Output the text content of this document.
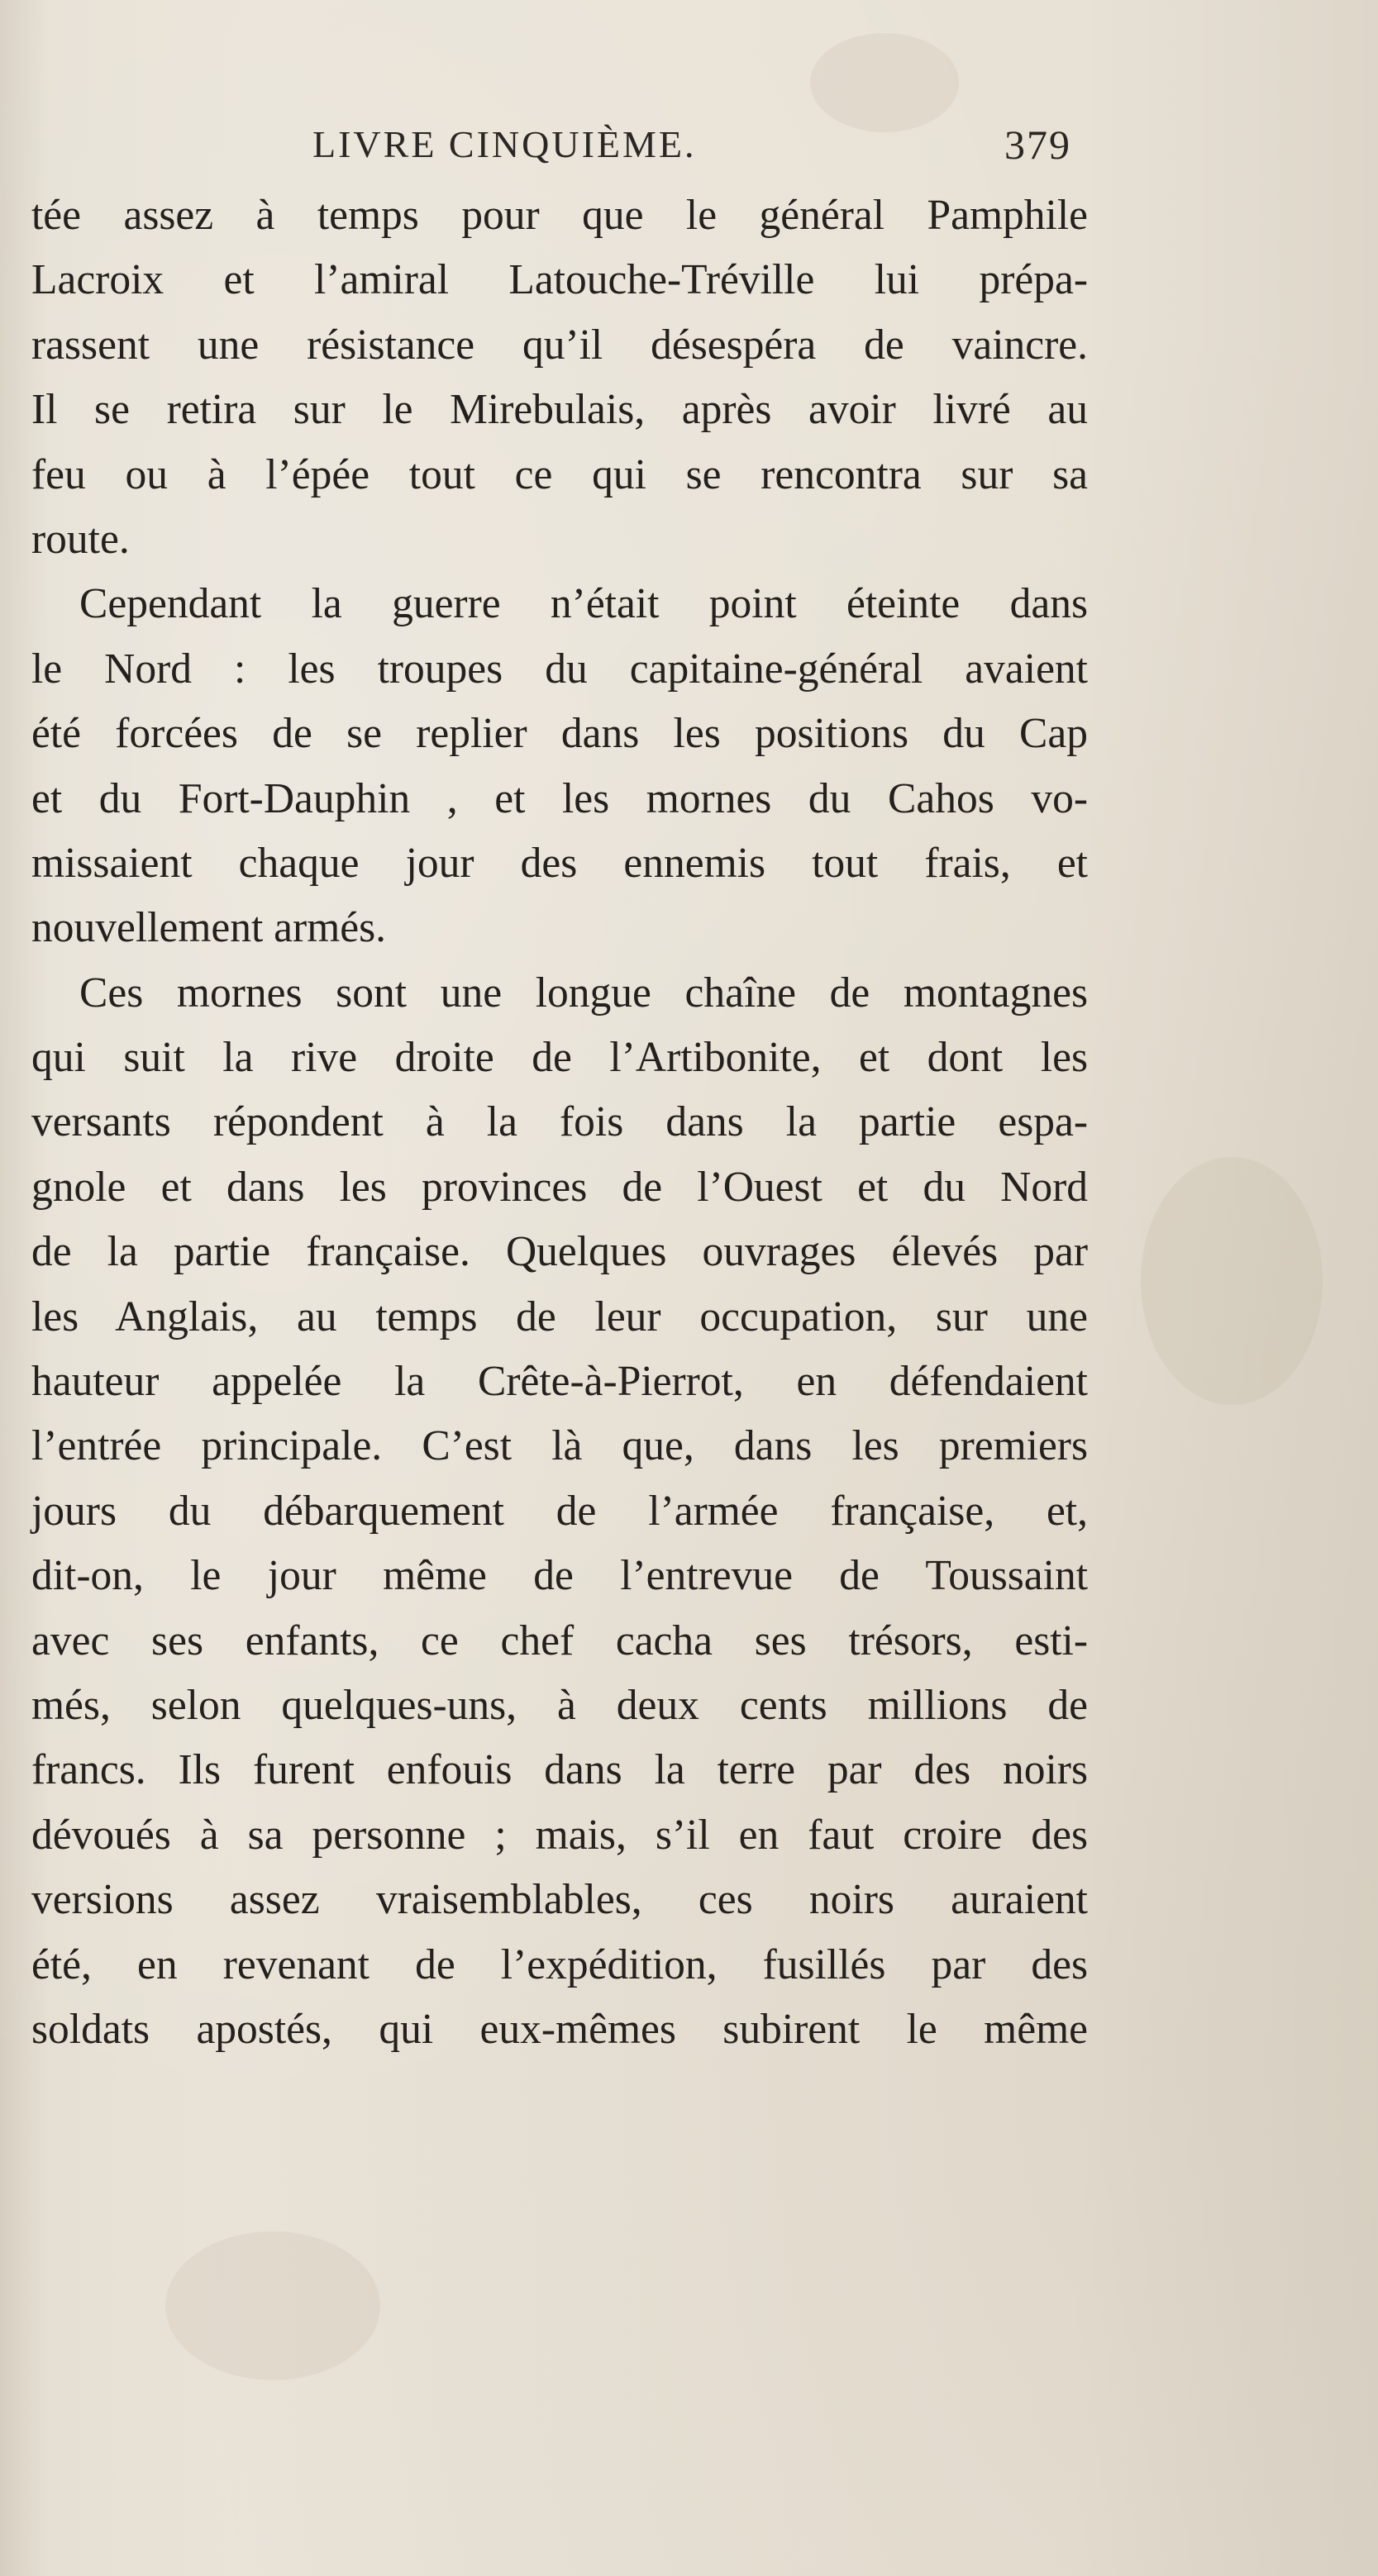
LIVRE CINQUIÈME.	379
tée assez à temps pour que le général Pamphile
Lacroix et l’amiral Latouche-Tréville lui prépa-
rassent une résistance qu’il désespéra de vaincre.
Il se retira sur le Mirebulais, après avoir livré au
feu ou à l’épée tout ce qui se rencontra sur sa
route.
Cependant la guerre n’était point éteinte dans
le Nord : les troupes du capitaine-général avaient
été forcées de se replier dans les positions du Cap
et du Fort-Dauphin , et les mornes du Cahos vo-
missaient chaque jour des ennemis tout frais, et
nouvellement armés.
Ces mornes sont une longue chaîne de montagnes
qui suit la rive droite de l’Artibonite, et dont les
versants répondent à la fois dans la partie espa-
gnole et dans les provinces de l’Ouest et du Nord
de la partie française. Quelques ouvrages élevés par
les Anglais, au temps de leur occupation, sur une
hauteur appelée la Crête-à-Pierrot, en défendaient
l’entrée principale. C’est là que, dans les premiers
jours du débarquement de l’armée française, et,
dit-on, le jour même de l’entrevue de Toussaint
avec ses enfants, ce chef cacha ses trésors, esti-
més, selon quelques-uns, à deux cents millions de
francs. Ils furent enfouis dans la terre par des noirs
dévoués à sa personne ; mais, s’il en faut croire des
versions assez vraisemblables, ces noirs auraient
été, en revenant de l’expédition, fusillés par des
soldats apostés, qui eux-mêmes subirent le même
